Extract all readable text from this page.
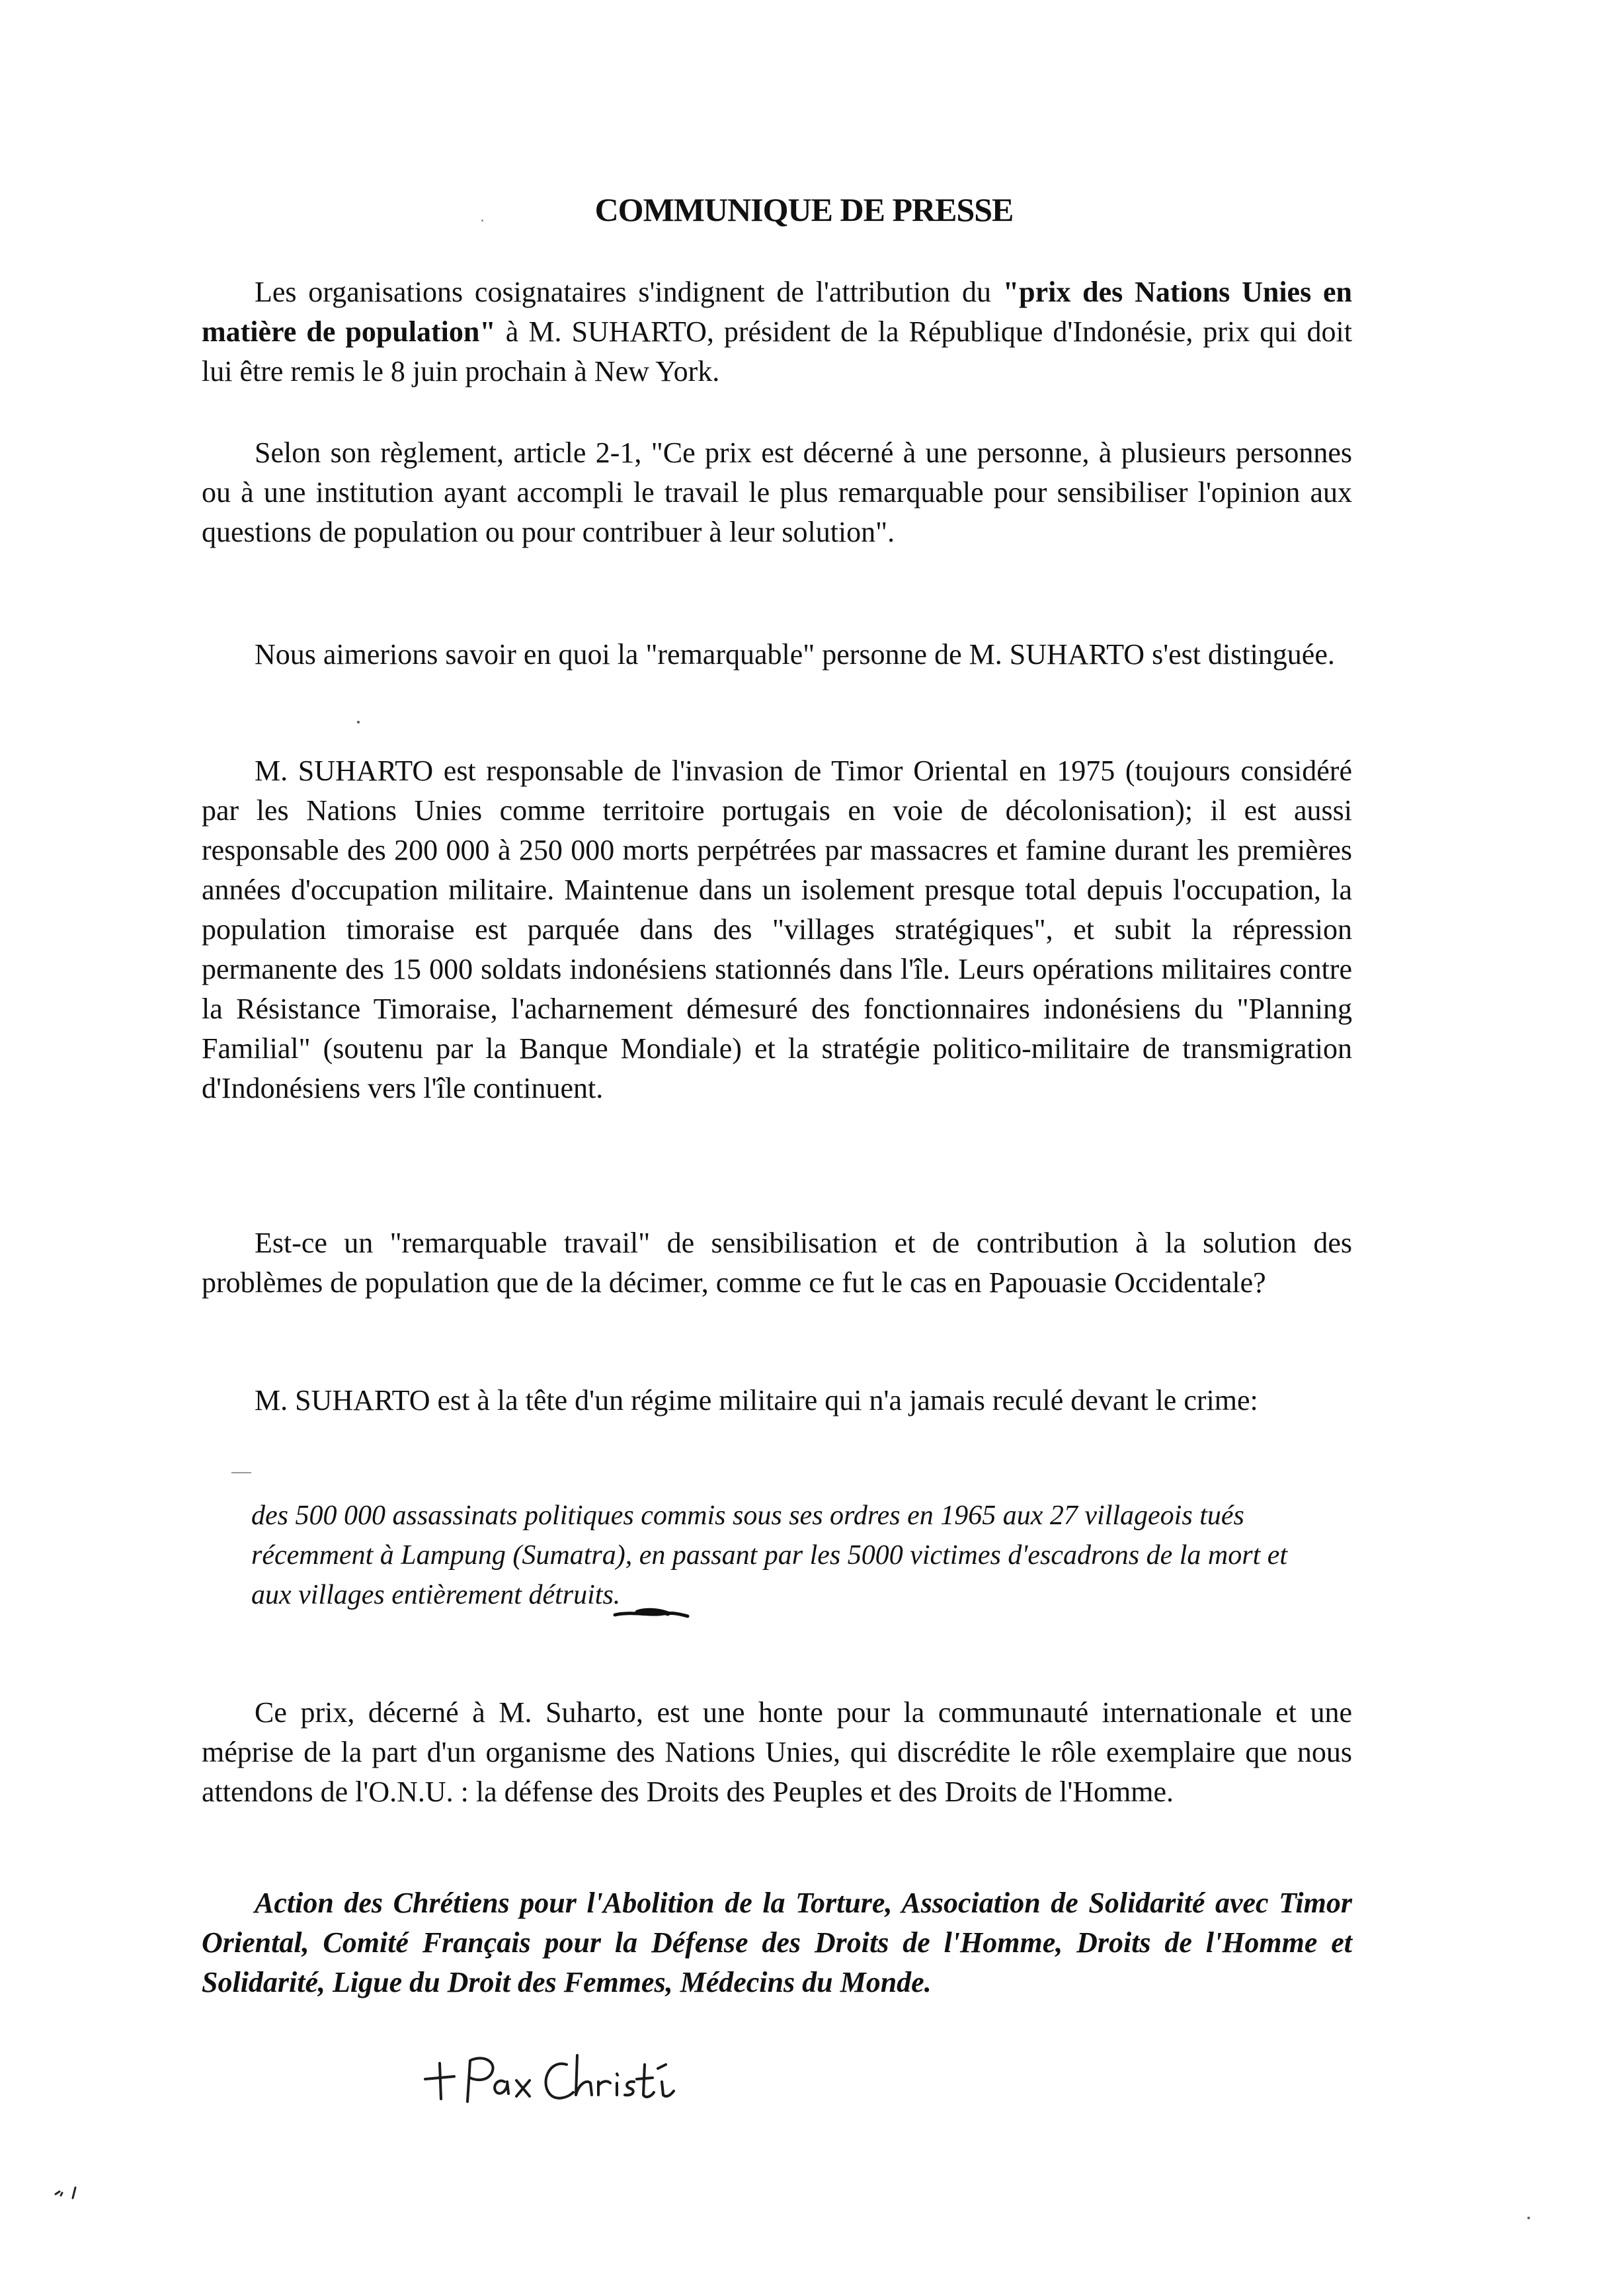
COMMUNIQUE DE PRESSE

Les organisations cosignataires s'indignent de l'attribution du "prix des Nations Unies en matière de population" à M. SUHARTO, président de la République d'Indonésie, prix qui doit lui être remis le 8 juin prochain à New York.

Selon son règlement, article 2-1, "Ce prix est décerné à une personne, à plusieurs personnes ou à une institution ayant accompli le travail le plus remarquable pour sensibiliser l'opinion aux questions de population ou pour contribuer à leur solution".

Nous aimerions savoir en quoi la "remarquable" personne de M. SUHARTO s'est distinguée.

M. SUHARTO est responsable de l'invasion de Timor Oriental en 1975 (toujours considéré par les Nations Unies comme territoire portugais en voie de décolonisation); il est aussi responsable des 200 000 à 250 000 morts perpétrées par massacres et famine durant les premières années d'occupation militaire. Maintenue dans un isolement presque total depuis l'occupation, la population timoraise est parquée dans des "villages stratégiques", et subit la répression permanente des 15 000 soldats indonésiens stationnés dans l'île. Leurs opérations militaires contre la Résistance Timoraise, l'acharnement démesuré des fonctionnaires indonésiens du "Planning Familial" (soutenu par la Banque Mondiale) et la stratégie politico-militaire de transmigration d'Indonésiens vers l'île continuent.

Est-ce un "remarquable travail" de sensibilisation et de contribution à la solution des problèmes de population que de la décimer, comme ce fut le cas en Papouasie Occidentale?

M. SUHARTO est à la tête d'un régime militaire qui n'a jamais reculé devant le crime:

des 500 000 assassinats politiques commis sous ses ordres en 1965 aux 27 villageois tués récemment à Lampung (Sumatra), en passant par les 5000 victimes d'escadrons de la mort et aux villages entièrement détruits.

Ce prix, décerné à M. Suharto, est une honte pour la communauté internationale et une méprise de la part d'un organisme des Nations Unies, qui discrédite le rôle exemplaire que nous attendons de l'O.N.U. : la défense des Droits des Peuples et des Droits de l'Homme.

Action des Chrétiens pour l'Abolition de la Torture, Association de Solidarité avec Timor Oriental, Comité Français pour la Défense des Droits de l'Homme, Droits de l'Homme et Solidarité, Ligue du Droit des Femmes, Médecins du Monde.
